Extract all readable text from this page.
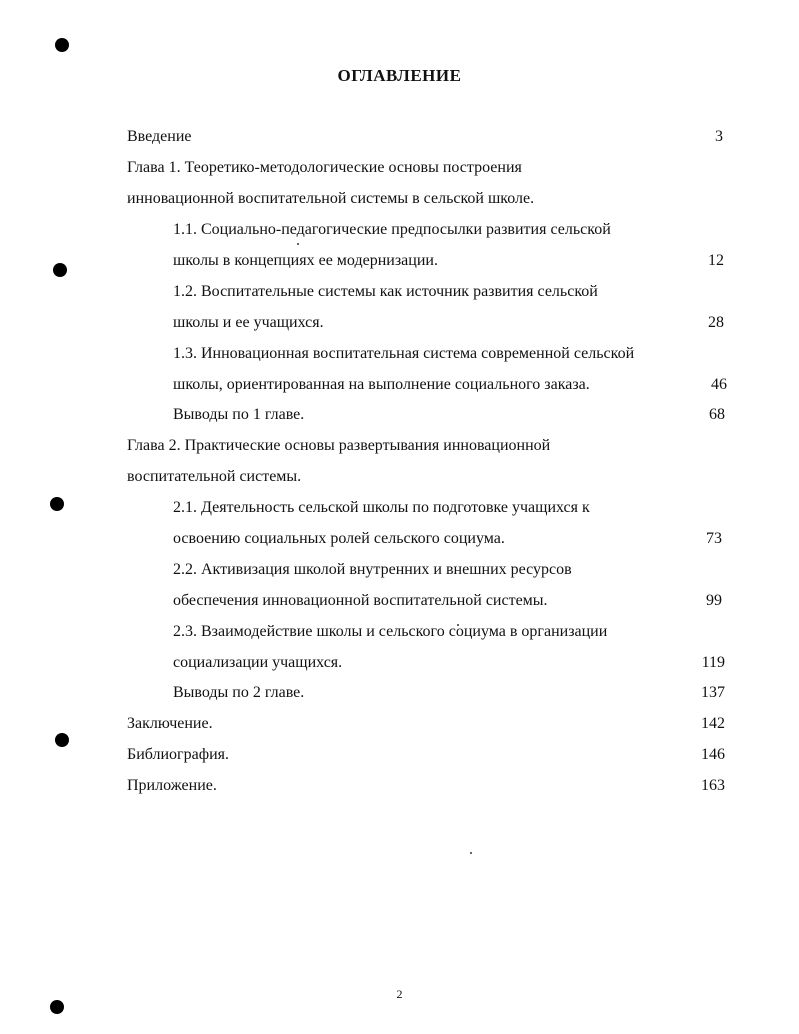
ОГЛАВЛЕНИЕ
Введение	3
Глава 1. Теоретико-методологические основы построения
инновационной воспитательной системы в сельской школе.
1.1. Социально-педагогические предпосылки развития сельской
школы в концепциях ее модернизации.	12
1.2. Воспитательные системы как источник развития сельской
школы и ее учащихся.	28
1.3. Инновационная воспитательная система современной сельской
школы, ориентированная на выполнение социального заказа.	46
Выводы по 1 главе.	68
Глава 2. Практические основы развертывания инновационной
воспитательной системы.
2.1. Деятельность сельской школы по подготовке учащихся к
освоению социальных ролей сельского социума.	73
2.2. Активизация школой внутренних и внешних ресурсов
обеспечения инновационной воспитательной системы.	99
2.3. Взаимодействие школы и сельского социума в организации
социализации учащихся.	119
Выводы по 2 главе.	137
Заключение.	142
Библиография.	146
Приложение.	163
2
